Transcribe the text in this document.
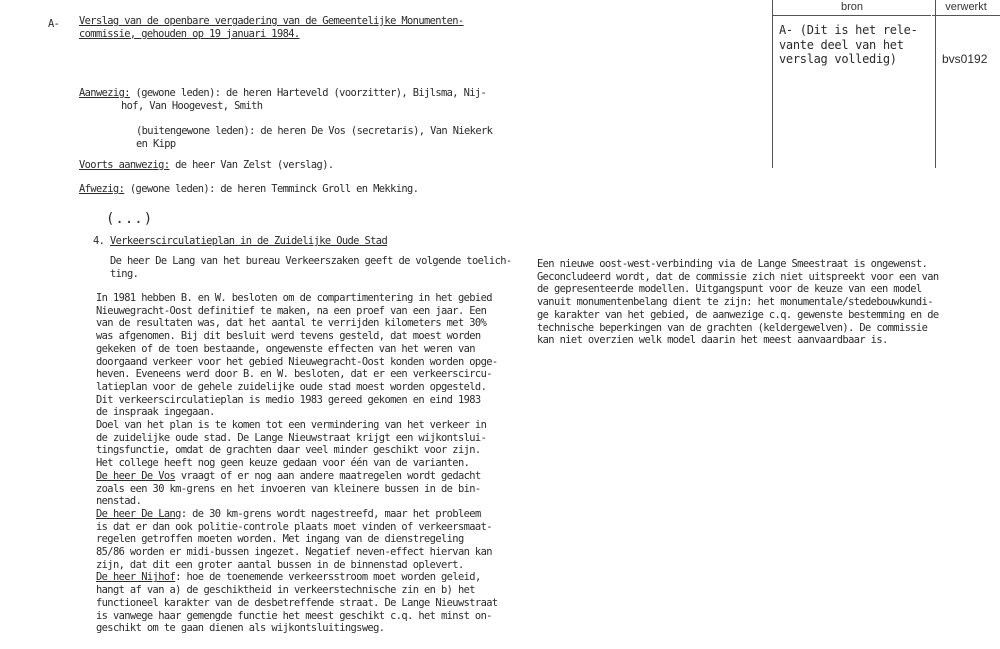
bron	verwerkt

A- (Dit is het rele-

vante deel van het

verslag volledig)	bvs0192
A- Verslag van de openbare vergadering van de Gemeentelijke Monumenten-

commissie, gehouden op 19 januari 1984.

Aanwezig: (gewone leden): de heren Harteveld (voorzitter), Bijlsma, Nij-

hof, Van Hoogevest, Smith

(buitengewone leden): de heren De Vos (secretaris), Van Niekerk

en Kipp

Voorts aanwezig: de heer Van Zelst (verslag).

Afwezig: (gewone leden): de heren Temminck Groll en Mekking.

(...)

4. Verkeerscirculatieplan in de Zuidelijke Oude Stad

De heer De Lang van het bureau Verkeerszaken geeft de volgende toelich-

ting.

In 1981 hebben B. en W. besloten om de compartimentering in het gebied

Nieuwegracht-Oost definitief te maken, na een proef van een jaar. Een

van de resultaten was, dat het aantal te verrijden kilometers met 30%

was afgenomen. Bij dit besluit werd tevens gesteld, dat moest worden

gekeken of de toen bestaande, ongewenste effecten van het weren van

doorgaand verkeer voor het gebied Nieuwegracht-Oost konden worden opge-

heven. Eveneens werd door B. en W. besloten, dat er een verkeerscircu-

latieplan voor de gehele zuidelijke oude stad moest worden opgesteld.

Dit verkeerscirculatieplan is medio 1983 gereed gekomen en eind 1983

de inspraak ingegaan.

Doel van het plan is te komen tot een vermindering van het verkeer in

de zuidelijke oude stad. De Lange Nieuwstraat krijgt een wijkontslui-

tingsfunctie, omdat de grachten daar veel minder geschikt voor zijn.

Het college heeft nog geen keuze gedaan voor één van de varianten.

De heer De Vos vraagt of er nog aan andere maatregelen wordt gedacht

zoals een 30 km-grens en het invoeren van kleinere bussen in de bin-

nenstad.

De heer De Lang: de 30 km-grens wordt nagestreefd, maar het probleem

is dat er dan ook politie-controle plaats moet vinden of verkeersmaat-

regelen getroffen moeten worden. Met ingang van de dienstregeling

85/86 worden er midi-bussen ingezet. Negatief neven-effect hiervan kan

zijn, dat dit een groter aantal bussen in de binnenstad oplevert.

De heer Nijhof: hoe de toenemende verkeersstroom moet worden geleid,

hangt af van a) de geschiktheid in verkeerstechnische zin en b) het

functioneel karakter van de desbetreffende straat. De Lange Nieuwstraat

is vanwege haar gemengde functie het meest geschikt c.q. het minst on-

geschikt om te gaan dienen als wijkontsluitingsweg.

Een nieuwe oost-west-verbinding via de Lange Smeestraat is ongewenst.

Geconcludeerd wordt, dat de commissie zich niet uitspreekt voor een van

de gepresenteerde modellen. Uitgangspunt voor de keuze van een model

vanuit monumentenbelang dient te zijn: het monumentale/stedebouwkundi-

ge karakter van het gebied, de aanwezige c.q. gewenste bestemming en de

technische beperkingen van de grachten (keldergewelven). De commissie

kan niet overzien welk model daarin het meest aanvaardbaar is.
